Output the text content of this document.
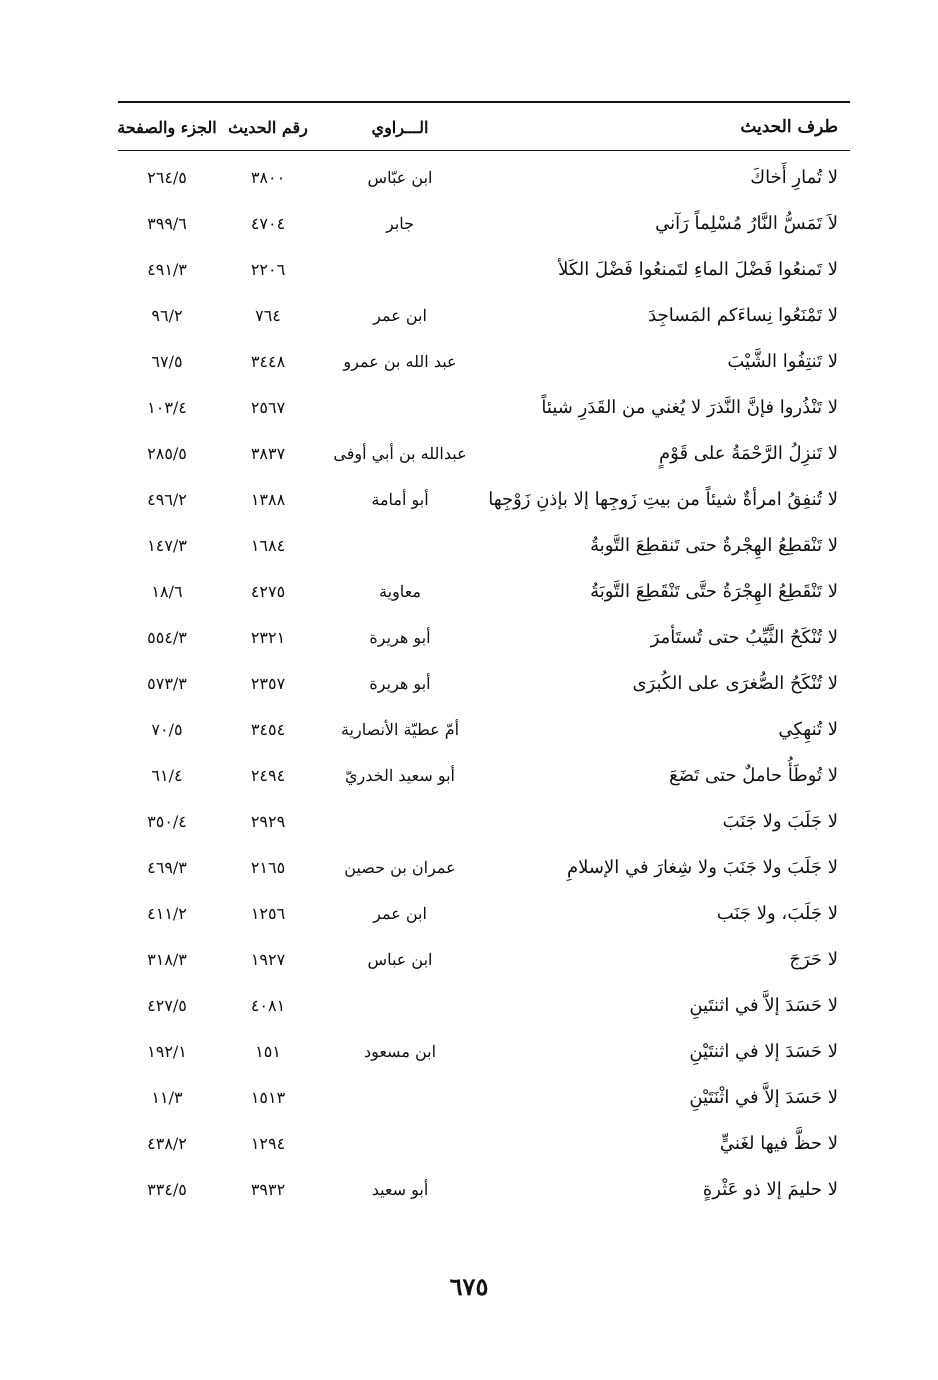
طرف الحديث
الـــراوي
رقم الحديث
الجزء والصفحة
لا تُمارِ أَخاكَ
ابن عبّاس
٣٨٠٠
٢٦٤/٥
لاَ تَمَسُّ النَّارُ مُسْلِماً رَآني
جابر
٤٧٠٤
٣٩٩/٦
لا تَمنعُوا فَضْلَ الماءِ لتَمنعُوا فَضْلَ الكَلأ
٢٢٠٦
٤٩١/٣
لا تَمْنَعُوا نِساءَكم المَساجِدَ
ابن عمر
٧٦٤
٩٦/٢
لا تَنتِفُوا الشَّيْبَ
عبد الله بن عمرو
٣٤٤٨
٦٧/٥
لا تَنْذُروا فإنَّ النَّذرَ لا يُغني من القَدَرِ شيئاً
٢٥٦٧
١٠٣/٤
لا تَنزِلُ الرَّحْمَةُ على قَوْمٍ
عبدالله بن أبي أوفى
٣٨٣٧
٢٨٥/٥
لا تُنفِقُ امرأةٌ شيئاً من بيتِ زَوجِها إلا بإذنِ زَوْجِها
أبو أمامة
١٣٨٨
٤٩٦/٢
لا تَنْقطِعُ الهِجْرةُ حتى تَنقطِعَ التَّوبةُ
١٦٨٤
١٤٧/٣
لا تَنْقَطِعُ الهِجْرَةُ حتَّى تَنْقَطِعَ التَّوبَةُ
معاوية
٤٢٧٥
١٨/٦
لا تُنْكَحُ الثَّيِّبُ حتى تُستَأمرَ
أبو هريرة
٢٣٢١
٥٥٤/٣
لا تُنْكَحُ الصُّغرَى على الكُبرَى
أبو هريرة
٢٣٥٧
٥٧٣/٣
لا تُنهِكِي
أمّ عطيّة الأنصارية
٣٤٥٤
٧٠/٥
لا تُوطَأُ حاملٌ حتى تَضَعَ
أبو سعيد الخدريّ
٢٤٩٤
٦١/٤
لا جَلَبَ ولا جَنَبَ
٢٩٢٩
٣٥٠/٤
لا جَلَبَ ولا جَنَبَ ولا شِغارَ في الإسلامِ
عمران بن حصين
٢١٦٥
٤٦٩/٣
لا جَلَبَ، ولا جَنَب
ابن عمر
١٢٥٦
٤١١/٢
لا حَرَجَ
ابن عباس
١٩٢٧
٣١٨/٣
لا حَسَدَ إلاَّ في اثنتَينِ
٤٠٨١
٤٢٧/٥
لا حَسَدَ إلا في اثنتَيْنِ
ابن مسعود
١٥١
١٩٢/١
لا حَسَدَ إلاَّ في اثْنَتَيْنِ
١٥١٣
١١/٣
لا حظَّ فيها لغَنيٍّ
١٢٩٤
٤٣٨/٢
لا حليمَ إلا ذو عَثْرةٍ
أبو سعيد
٣٩٣٢
٣٣٤/٥
٦٧٥
